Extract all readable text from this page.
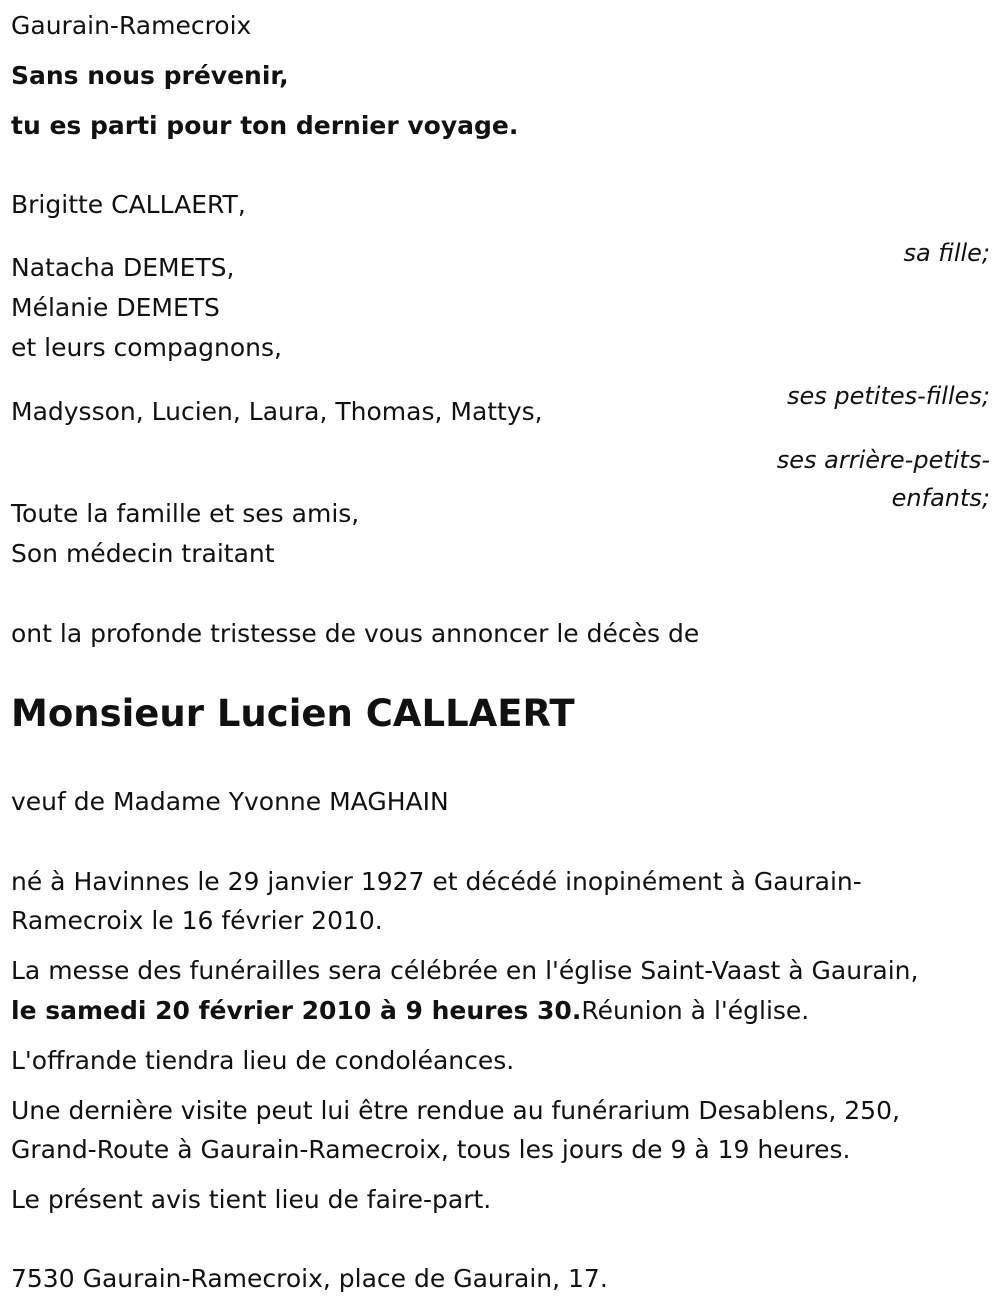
Gaurain-Ramecroix

Sans nous prévenir,

tu es parti pour ton dernier voyage.

Brigitte CALLAERT,

sa fille;

Natacha DEMETS,

Mélanie DEMETS

et leurs compagnons,

ses petites-filles;

Madysson, Lucien, Laura, Thomas, Mattys,

ses arrière-petits-

enfants;

Toute la famille et ses amis,

Son médecin traitant

ont la profonde tristesse de vous annoncer le décès de

Monsieur Lucien CALLAERT

veuf de Madame Yvonne MAGHAIN

né à Havinnes le 29 janvier 1927 et décédé inopinément à Gaurain-

Ramecroix le 16 février 2010.

La messe des funérailles sera célébrée en l'église Saint-Vaast à Gaurain,

le samedi 20 février 2010 à 9 heures 30.Réunion à l'église.

L'offrande tiendra lieu de condoléances.

Une dernière visite peut lui être rendue au funérarium Desablens, 250,

Grand-Route à Gaurain-Ramecroix, tous les jours de 9 à 19 heures.

Le présent avis tient lieu de faire-part.

7530 Gaurain-Ramecroix, place de Gaurain, 17.
